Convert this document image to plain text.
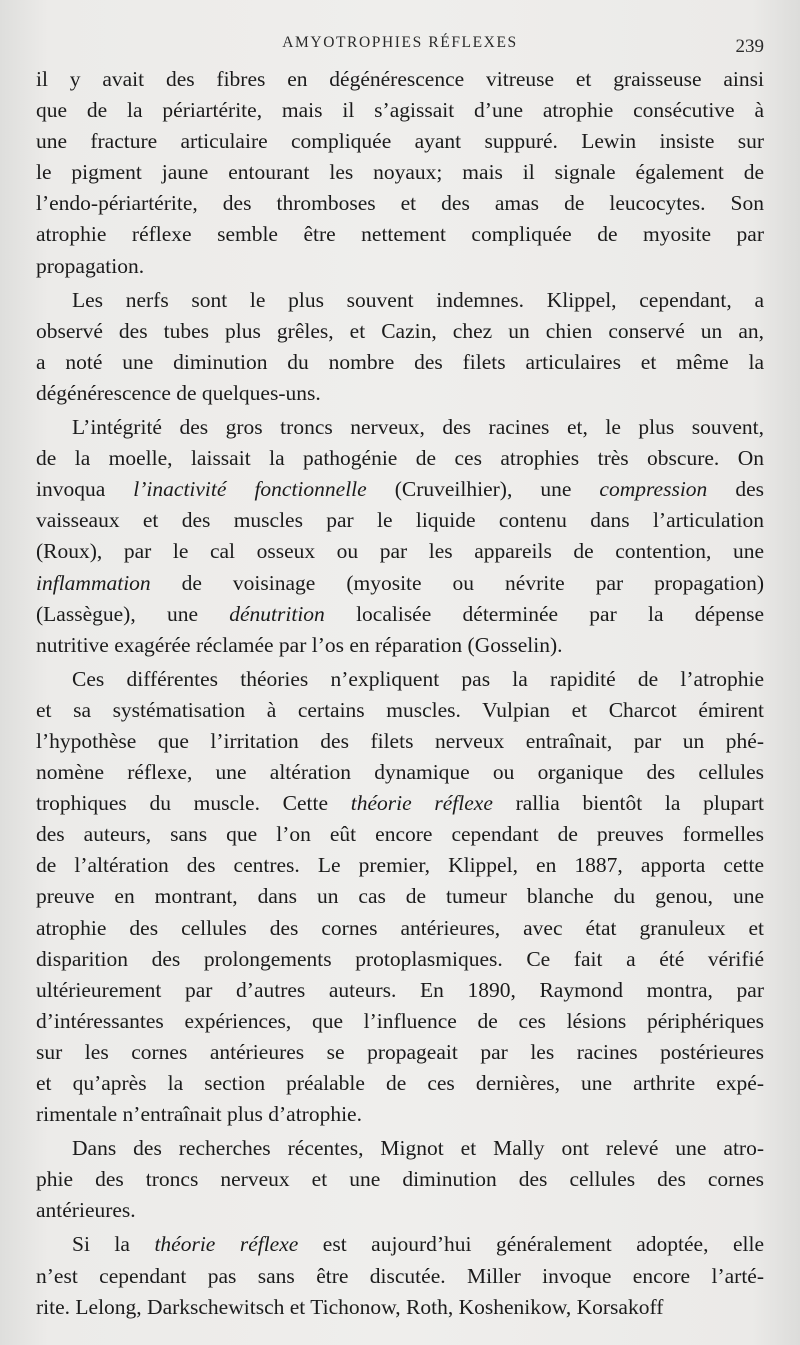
AMYOTROPHIES RÉFLEXES	239
il y avait des fibres en dégénérescence vitreuse et graisseuse ainsi
que de la périartérite, mais il s’agissait d’une atrophie consécutive à
une fracture articulaire compliquée ayant suppuré. Lewin insiste sur
le pigment jaune entourant les noyaux; mais il signale également de
l’endo-périartérite, des thromboses et des amas de leucocytes. Son
atrophie réflexe semble être nettement compliquée de myosite par
propagation.
Les nerfs sont le plus souvent indemnes. Klippel, cependant, a
observé des tubes plus grêles, et Cazin, chez un chien conservé un an,
a noté une diminution du nombre des filets articulaires et même la
dégénérescence de quelques-uns.
L’intégrité des gros troncs nerveux, des racines et, le plus souvent,
de la moelle, laissait la pathogénie de ces atrophies très obscure. On
invoqua l’inactivité fonctionnelle (Cruveilhier), une compression des
vaisseaux et des muscles par le liquide contenu dans l’articulation
(Roux), par le cal osseux ou par les appareils de contention, une
inflammation de voisinage (myosite ou névrite par propagation)
(Lassègue), une dénutrition localisée déterminée par la dépense
nutritive exagérée réclamée par l’os en réparation (Gosselin).
Ces différentes théories n’expliquent pas la rapidité de l’atrophie
et sa systématisation à certains muscles. Vulpian et Charcot émirent
l’hypothèse que l’irritation des filets nerveux entraînait, par un phé-
nomène réflexe, une altération dynamique ou organique des cellules
trophiques du muscle. Cette théorie réflexe rallia bientôt la plupart
des auteurs, sans que l’on eût encore cependant de preuves formelles
de l’altération des centres. Le premier, Klippel, en 1887, apporta cette
preuve en montrant, dans un cas de tumeur blanche du genou, une
atrophie des cellules des cornes antérieures, avec état granuleux et
disparition des prolongements protoplasmiques. Ce fait a été vérifié
ultérieurement par d’autres auteurs. En 1890, Raymond montra, par
d’intéressantes expériences, que l’influence de ces lésions périphériques
sur les cornes antérieures se propageait par les racines postérieures
et qu’après la section préalable de ces dernières, une arthrite expé-
rimentale n’entraînait plus d’atrophie.
Dans des recherches récentes, Mignot et Mally ont relevé une atro-
phie des troncs nerveux et une diminution des cellules des cornes
antérieures.
Si la théorie réflexe est aujourd’hui généralement adoptée, elle
n’est cependant pas sans être discutée. Miller invoque encore l’arté-
rite. Lelong, Darkschewitsch et Tichonow, Roth, Koshenikow, Korsakoff
